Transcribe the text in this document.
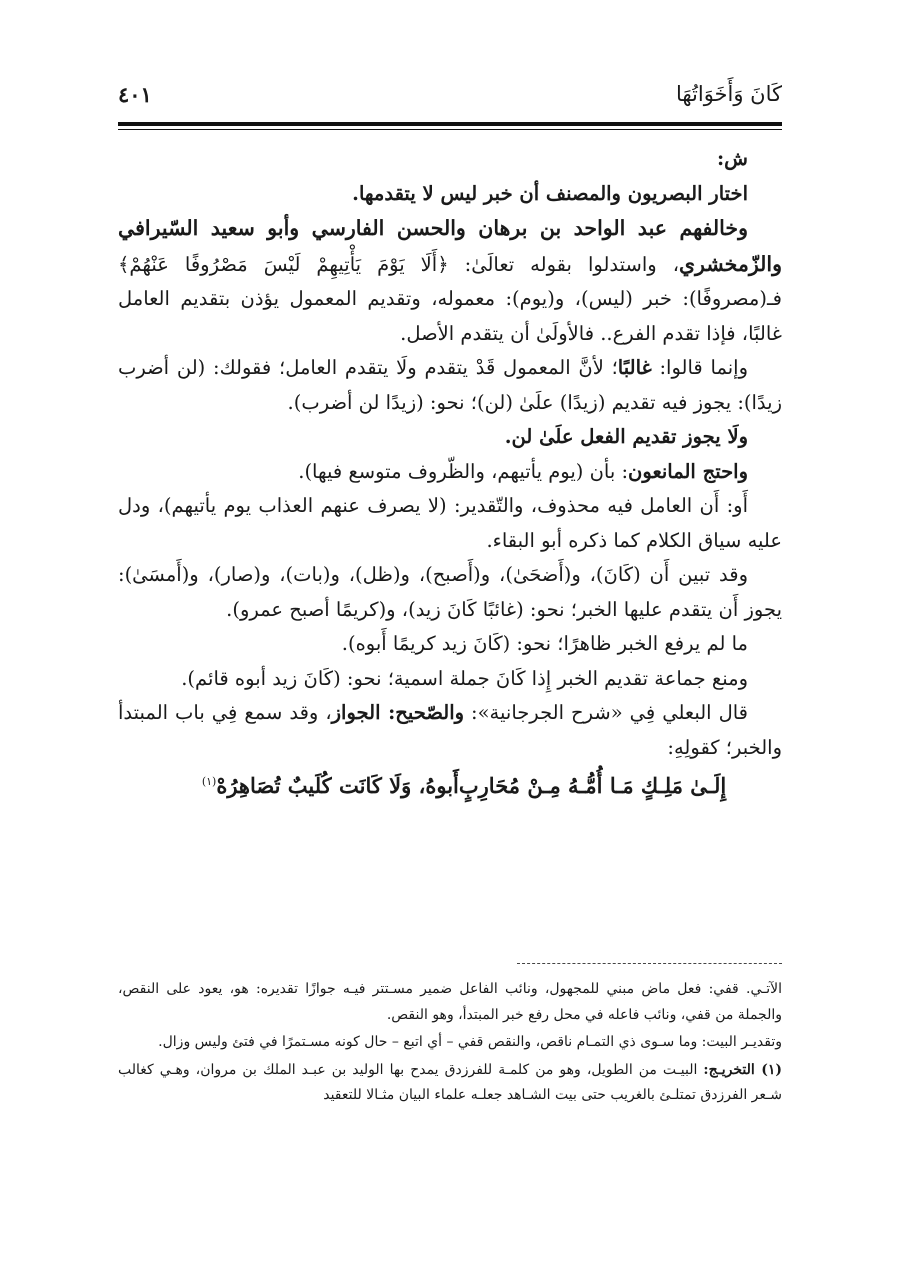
كَانَ وَأَخَوَاتُهَا
٤٠١

ش:

اختار البصريون والمصنف أن خبر ليس لا يتقدمها.

وخالفهم عبد الواحد بن برهان والحسن الفارسي وأبو سعيد السّيرافي والزّمخشري، واستدلوا بقوله تعالَىٰ: ﴿أَلَا يَوْمَ يَأْتِيهِمْ لَيْسَ مَصْرُوفًا عَنْهُمْ﴾ فـ(مصروفًا): خبر (ليس)، و(يوم): معموله، وتقديم المعمول يؤذن بتقديم العامل غالبًا، فإذا تقدم الفرع.. فالأولَىٰ أن يتقدم الأصل.

وإنما قالوا: غالبًا؛ لأنَّ المعمول قَدْ يتقدم ولَا يتقدم العامل؛ فقولك: (لن أضرب زيدًا): يجوز فيه تقديم (زيدًا) علَىٰ (لن)؛ نحو: (زيدًا لن أضرب).

ولَا يجوز تقديم الفعل علَىٰ لن.

واحتج المانعون: بأن (يوم يأتيهم، والظّروف متوسع فيها).

أَو: أَن العامل فيه محذوف، والتّقدير: (لا يصرف عنهم العذاب يوم يأتيهم)، ودل عليه سياق الكلام كما ذكره أبو البقاء.

وقد تبين أَن (كَانَ)، و(أَضحَىٰ)، و(أَصبح)، و(ظل)، و(بات)، و(صار)، و(أَمسَىٰ): يجوز أَن يتقدم عليها الخبر؛ نحو: (غائبًا كَانَ زيد)، و(كريمًا أصبح عمرو).

ما لم يرفع الخبر ظاهرًا؛ نحو: (كَانَ زيد كريمًا أَبوه).

ومنع جماعة تقديم الخبر إِذا كَانَ جملة اسمية؛ نحو: (كَانَ زيد أبوه قائم).

قال البعلي فِي «شرح الجرجانية»: والصّحيح: الجواز، وقد سمع فِي باب المبتدأ والخبر؛ كقولِهِ:

إِلَـىٰ مَلِـكٍ مَـا أُمُّـهُ مِـنْ مُحَارِبٍأَبوهُ، وَلَا كَانَت كُلَيبٌ تُصَاهِرُهْ$^{(١)}$

الآتـي. قفي: فعل ماض مبني للمجهول، ونائب الفاعل ضمير مسـتتر فيـه جوازًا تقديره: هو، يعود على النقص، والجملة من قفي، ونائب فاعله في محل رفع خبر المبتدأ، وهو النقص.

وتقديـر البيت: وما سـوى ذي التمـام ناقص، والنقص قفي – أي اتبع – حال كونه مسـتمرًا في فتئ وليس وزال.

(١) التخريـج: البيـت من الطويل، وهو من كلمـة للفرزدق يمدح بها الوليد بن عبـد الملك بن مروان، وهـي كغالب شـعر الفرزدق تمتلـئ بالغريب حتى بيت الشـاهد جعلـه علماء البيان مثـالا للتعقيد
